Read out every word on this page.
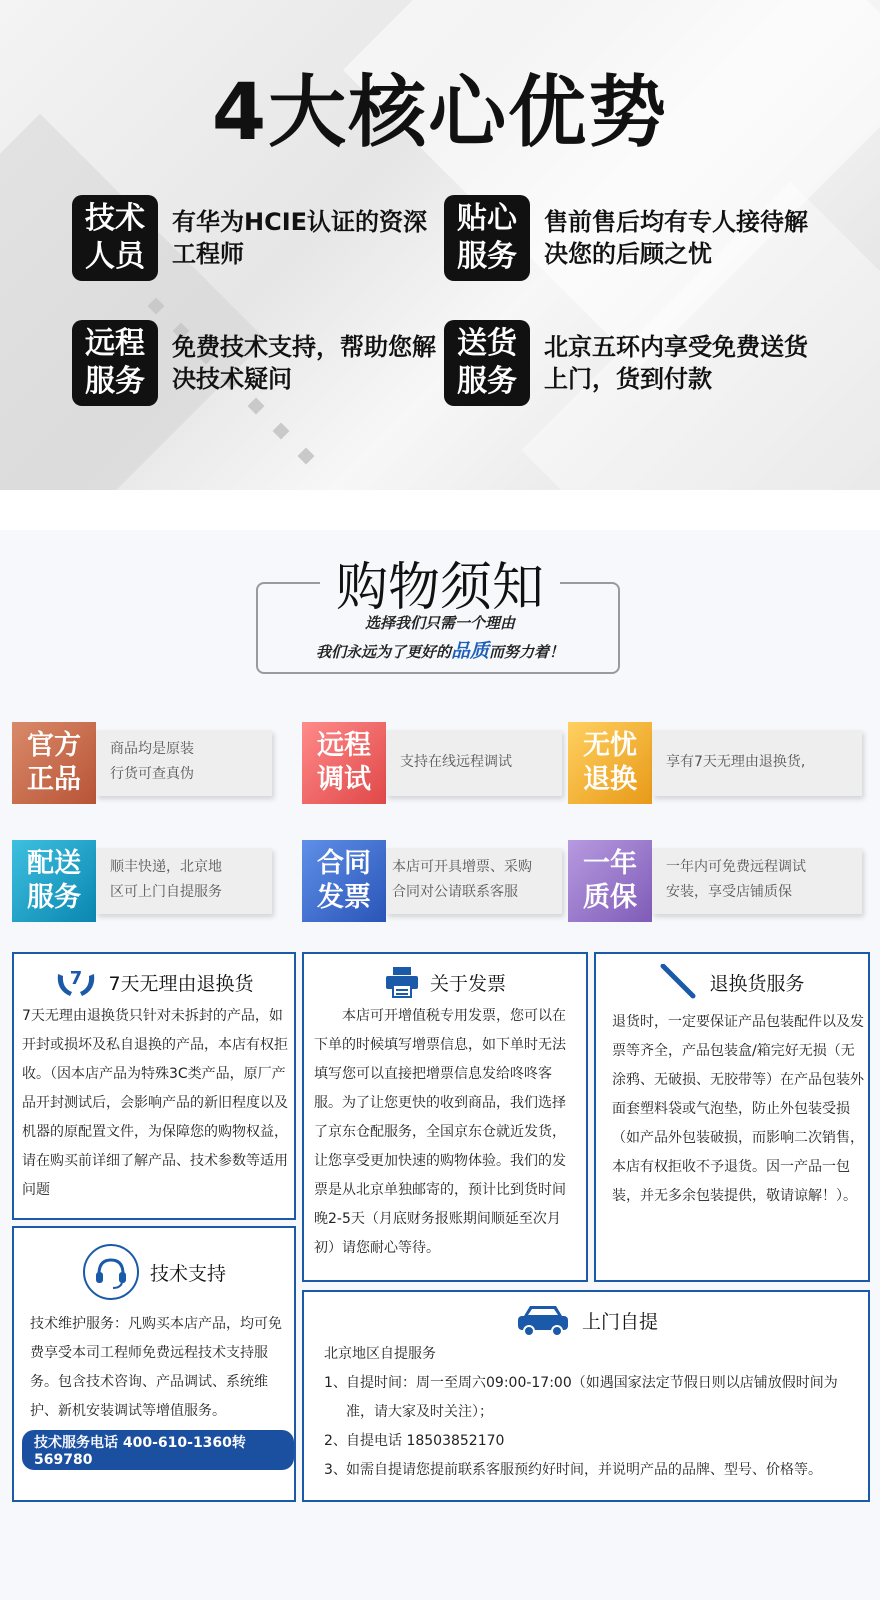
4大核心优势
技术
人员
有华为HCIE认证的资深工程师
贴心
服务
售前售后均有专人接待解决您的后顾之忧
远程
服务
免费技术支持，帮助您解决技术疑问
送货
服务
北京五环内享受免费送货上门，货到付款
购物须知
选择我们只需一个理由
我们永远为了更好的品质而努力着！
官方
正品
商品均是原装
行货可查真伪
远程
调试
支持在线远程调试
无忧
退换
享有7天无理由退换货,
配送
服务
顺丰快递，北京地
区可上门自提服务
合同
发票
本店可开具增票、采购
合同对公请联系客服
一年
质保
一年内可免费远程调试
安装，享受店铺质保
7 7天无理由退换货
7天无理由退换货只针对未拆封的产品，如开封或损坏及私自退换的产品，本店有权拒收。（因本店产品为特殊3C类产品，原厂产品开封测试后，会影响产品的新旧程度以及机器的原配置文件，为保障您的购物权益，请在购买前详细了解产品、技术参数等适用问题
关于发票
本店可开增值税专用发票，您可以在下单的时候填写增票信息，如下单时无法填写您可以直接把增票信息发给咚咚客服。为了让您更快的收到商品，我们选择了京东仓配服务，全国京东仓就近发货，让您享受更加快速的购物体验。我们的发票是从北京单独邮寄的，预计比到货时间晚2-5天（月底财务报账期间顺延至次月初）请您耐心等待。
退换货服务
退货时，一定要保证产品包装配件以及发票等齐全，产品包装盒/箱完好无损（无涂鸦、无破损、无胶带等）在产品包装外面套塑料袋或气泡垫，防止外包装受损（如产品外包装破损，而影响二次销售，本店有权拒收不予退货。因一产品一包装，并无多余包装提供，敬请谅解！）。
技术支持
技术维护服务：凡购买本店产品，均可免费享受本司工程师免费远程技术支持服务。包含技术咨询、产品调试、系统维护、新机安装调试等增值服务。
技术服务电话 400-610-1360转569780
上门自提
北京地区自提服务
1、 自提时间：周一至周六09:00-17:00（如遇国家法定节假日则以店铺放假时间为准，请大家及时关注）；
2、 自提电话 18503852170
3、 如需自提请您提前联系客服预约好时间，并说明产品的品牌、型号、价格等。
